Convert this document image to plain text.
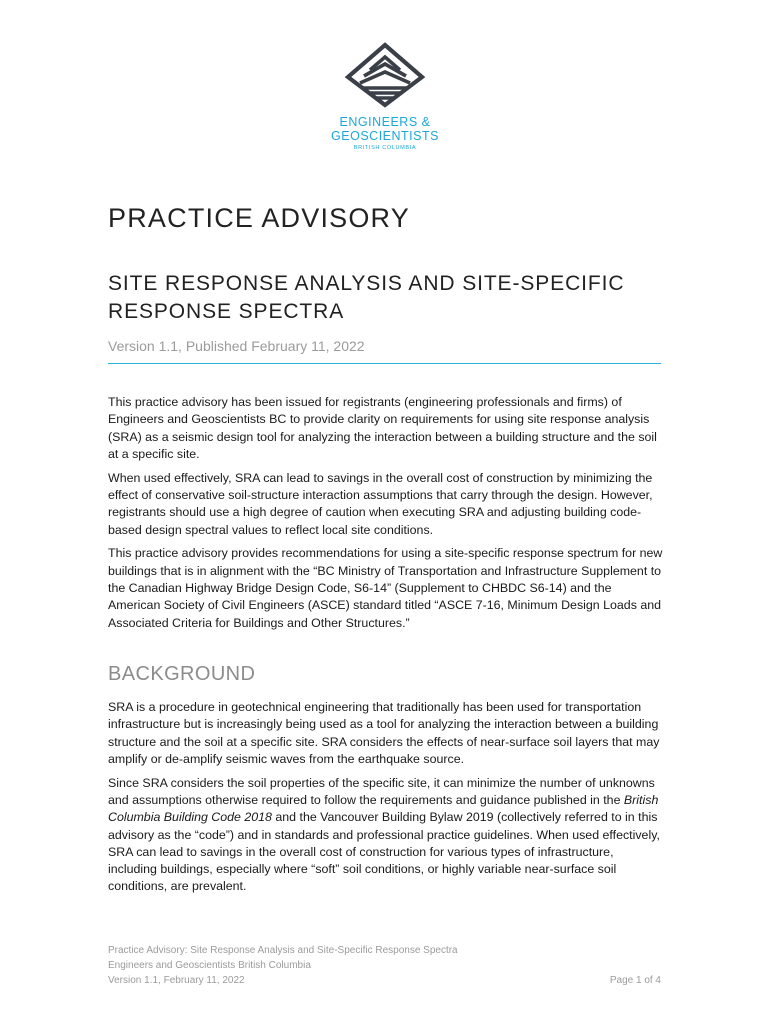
ENGINEERS &
GEOSCIENTISTS
BRITISH COLUMBIA
PRACTICE ADVISORY
SITE RESPONSE ANALYSIS AND SITE-SPECIFIC RESPONSE SPECTRA
Version 1.1, Published February 11, 2022

This practice advisory has been issued for registrants (engineering professionals and firms) of Engineers and Geoscientists BC to provide clarity on requirements for using site response analysis (SRA) as a seismic design tool for analyzing the interaction between a building structure and the soil at a specific site.

When used effectively, SRA can lead to savings in the overall cost of construction by minimizing the effect of conservative soil-structure interaction assumptions that carry through the design. However, registrants should use a high degree of caution when executing SRA and adjusting building code-based design spectral values to reflect local site conditions.

This practice advisory provides recommendations for using a site-specific response spectrum for new buildings that is in alignment with the “BC Ministry of Transportation and Infrastructure Supplement to the Canadian Highway Bridge Design Code, S6-14” (Supplement to CHBDC S6-14) and the American Society of Civil Engineers (ASCE) standard titled “ASCE 7-16, Minimum Design Loads and Associated Criteria for Buildings and Other Structures.”

BACKGROUND

SRA is a procedure in geotechnical engineering that traditionally has been used for transportation infrastructure but is increasingly being used as a tool for analyzing the interaction between a building structure and the soil at a specific site. SRA considers the effects of near-surface soil layers that may amplify or de-amplify seismic waves from the earthquake source.

Since SRA considers the soil properties of the specific site, it can minimize the number of unknowns and assumptions otherwise required to follow the requirements and guidance published in the British Columbia Building Code 2018 and the Vancouver Building Bylaw 2019 (collectively referred to in this advisory as the “code”) and in standards and professional practice guidelines. When used effectively, SRA can lead to savings in the overall cost of construction for various types of infrastructure, including buildings, especially where “soft” soil conditions, or highly variable near-surface soil conditions, are prevalent.

Practice Advisory: Site Response Analysis and Site-Specific Response Spectra
Engineers and Geoscientists British Columbia
Version 1.1, February 11, 2022	Page 1 of 4
